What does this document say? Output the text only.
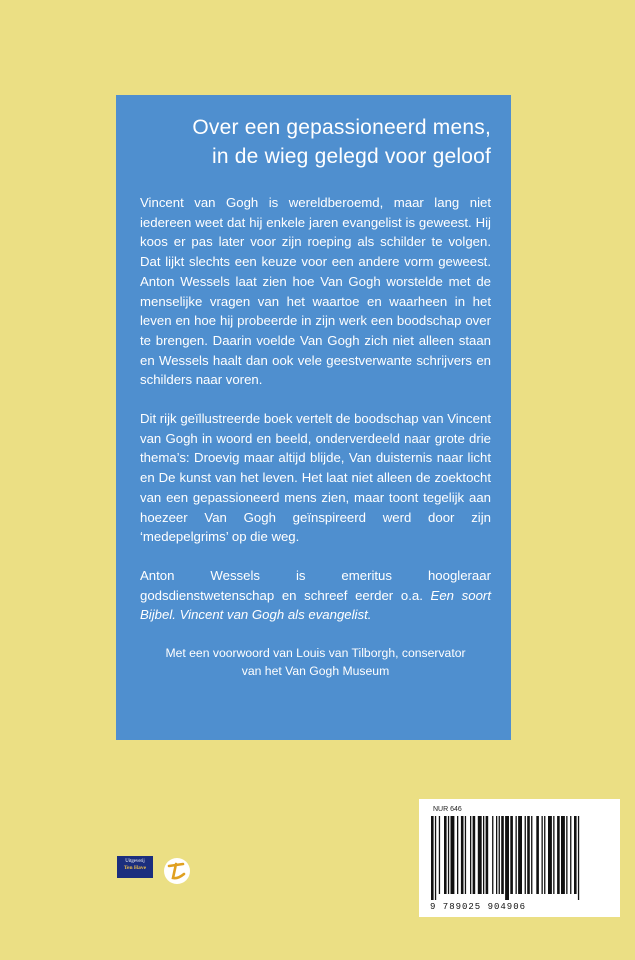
Over een gepassioneerd mens,
in de wieg gelegd voor geloof

Vincent van Gogh is wereldberoemd, maar lang niet iedereen weet dat hij enkele jaren evangelist is geweest. Hij koos er pas later voor zijn roeping als schilder te volgen. Dat lijkt slechts een keuze voor een andere vorm geweest. Anton Wessels laat zien hoe Van Gogh worstelde met de menselijke vragen van het waartoe en waarheen in het leven en hoe hij probeerde in zijn werk een boodschap over te brengen. Daarin voelde Van Gogh zich niet alleen staan en Wessels haalt dan ook vele geestverwante schrijvers en schilders naar voren.

Dit rijk geïllustreerde boek vertelt de boodschap van Vincent van Gogh in woord en beeld, onderverdeeld naar grote drie thema’s: Droevig maar altijd blijde, Van duisternis naar licht en De kunst van het leven. Het laat niet alleen de zoektocht van een gepassioneerd mens zien, maar toont tegelijk aan hoezeer Van Gogh geïnspireerd werd door zijn ‘medepelgrims’ op die weg.

Anton Wessels is emeritus hoogleraar godsdienstwetenschap en schreef eerder o.a. Een soort Bijbel. Vincent van Gogh als evangelist.

Met een voorwoord van Louis van Tilborgh, conservator
van het Van Gogh Museum

NUR 646
9 789025 904906
Uitgeverij
Ten Have
